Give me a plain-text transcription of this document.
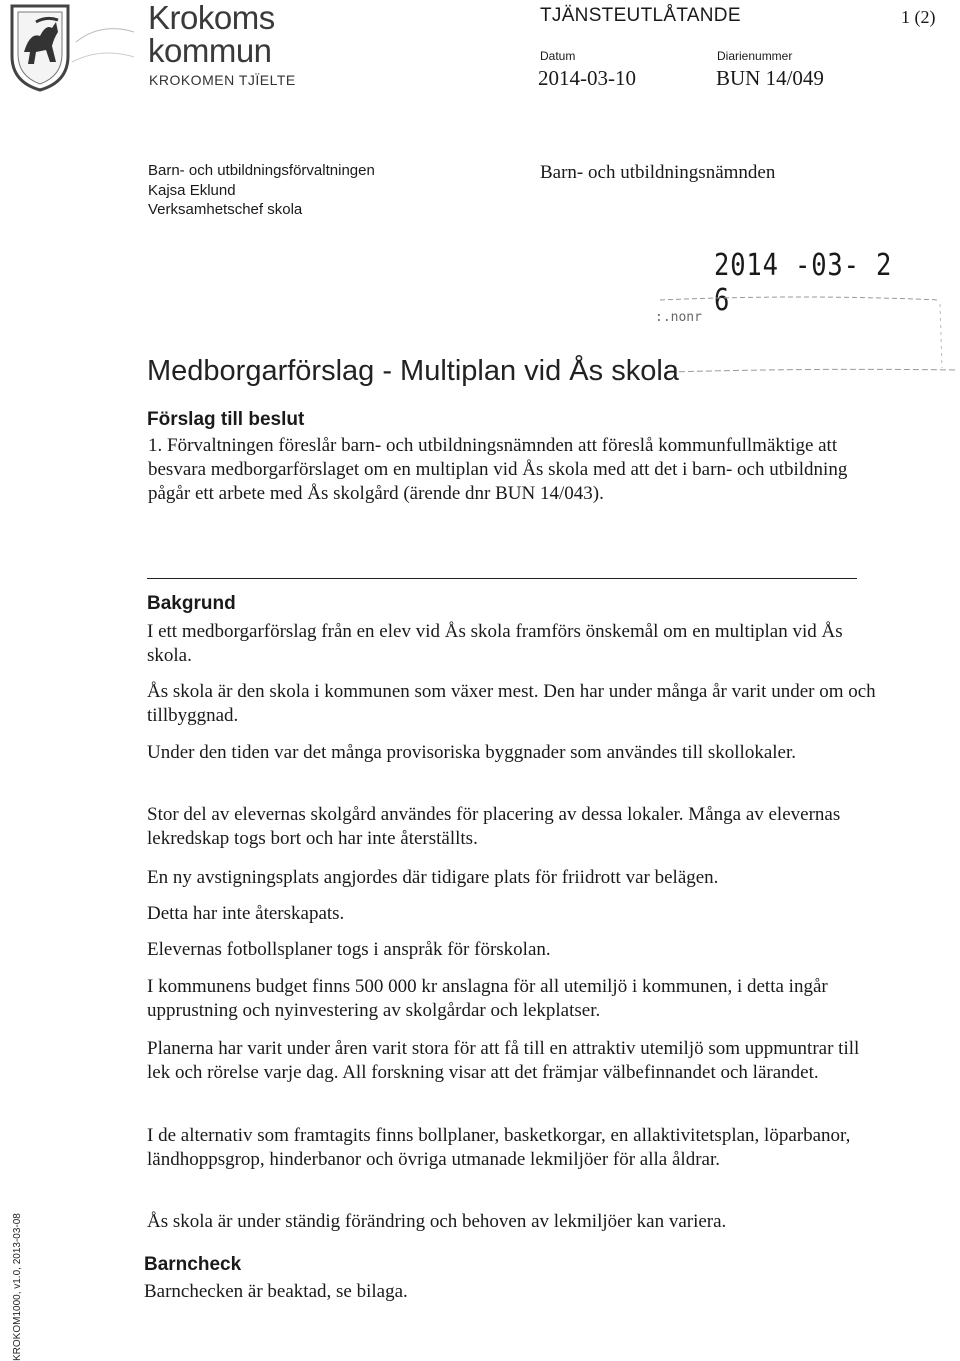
Krokoms
kommun
KROKOMEN TJÏELTE
TJÄNSTEUTLÅTANDE	1 (2)
Datum
2014-03-10
Diarienummer
BUN 14/049
Barn- och utbildningsförvaltningen
Kajsa Eklund
Verksamhetschef skola
Barn- och utbildningsnämnden
2014 -03- 2 6
:.nonr
Medborgarförslag - Multiplan vid Ås skola
Förslag till beslut

1. Förvaltningen föreslår barn- och utbildningsnämnden att föreslå kommunfullmäktige att besvara medborgarförslaget om en multiplan vid Ås skola med att det i barn- och utbildning pågår ett arbete med Ås skolgård (ärende dnr BUN 14/043).

Bakgrund

I ett medborgarförslag från en elev vid Ås skola framförs önskemål om en multiplan vid Ås skola.

Ås skola är den skola i kommunen som växer mest. Den har under många år varit under om och tillbyggnad.

Under den tiden var det många provisoriska byggnader som användes till skollokaler.

Stor del av elevernas skolgård användes för placering av dessa lokaler. Många av elevernas lekredskap togs bort och har inte återställts.

En ny avstigningsplats angjordes där tidigare plats för friidrott var belägen.

Detta har inte återskapats.

Elevernas fotbollsplaner togs i anspråk för förskolan.

I kommunens budget finns 500 000 kr anslagna för all utemiljö i kommunen, i detta ingår upprustning och nyinvestering av skolgårdar och lekplatser.

Planerna har varit under åren varit stora för att få till en attraktiv utemiljö som uppmuntrar till lek och rörelse varje dag. All forskning visar att det främjar välbefinnandet och lärandet.

I de alternativ som framtagits finns bollplaner, basketkorgar, en allaktivitetsplan, löparbanor, ländhoppsgrop, hinderbanor och övriga utmanade lekmiljöer för alla åldrar.

Ås skola är under ständig förändring och behoven av lekmiljöer kan variera.

Barncheck

Barnchecken är beaktad, se bilaga.

KROKOM1000, v1.0, 2013-03-08
